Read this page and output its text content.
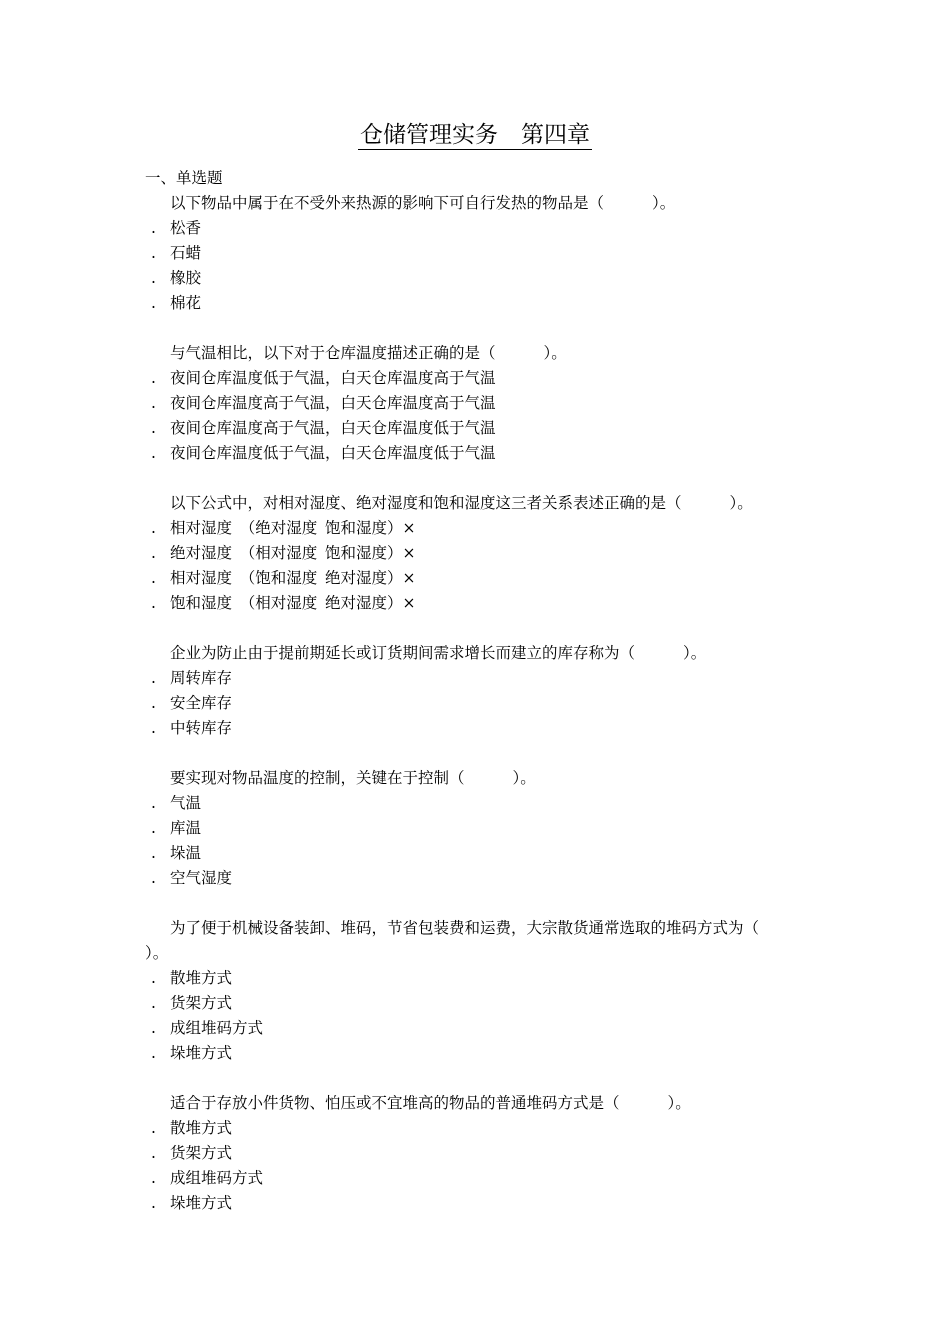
仓储管理实务　第四章
一、单选题
以下物品中属于在不受外来热源的影响下可自行发热的物品是（	）。
. 松香
. 石蜡
. 橡胶
. 棉花
与气温相比，以下对于仓库温度描述正确的是（	）。
. 夜间仓库温度低于气温，白天仓库温度高于气温
. 夜间仓库温度高于气温，白天仓库温度高于气温
. 夜间仓库温度高于气温，白天仓库温度低于气温
. 夜间仓库温度低于气温，白天仓库温度低于气温
以下公式中，对相对湿度、绝对湿度和饱和湿度这三者关系表述正确的是（	）。
. 相对湿度 （绝对湿度 饱和湿度）×
. 绝对湿度 （相对湿度 饱和湿度）×
. 相对湿度 （饱和湿度 绝对湿度）×
. 饱和湿度 （相对湿度 绝对湿度）×
企业为防止由于提前期延长或订货期间需求增长而建立的库存称为（	）。
. 周转库存
. 安全库存
. 中转库存
要实现对物品温度的控制，关键在于控制（	）。
. 气温
. 库温
. 垛温
. 空气湿度
为了便于机械设备装卸、堆码，节省包装费和运费，大宗散货通常选取的堆码方式为（）。
. 散堆方式
. 货架方式
. 成组堆码方式
. 垛堆方式
适合于存放小件货物、怕压或不宜堆高的物品的普通堆码方式是（	）。
. 散堆方式
. 货架方式
. 成组堆码方式
. 垛堆方式
